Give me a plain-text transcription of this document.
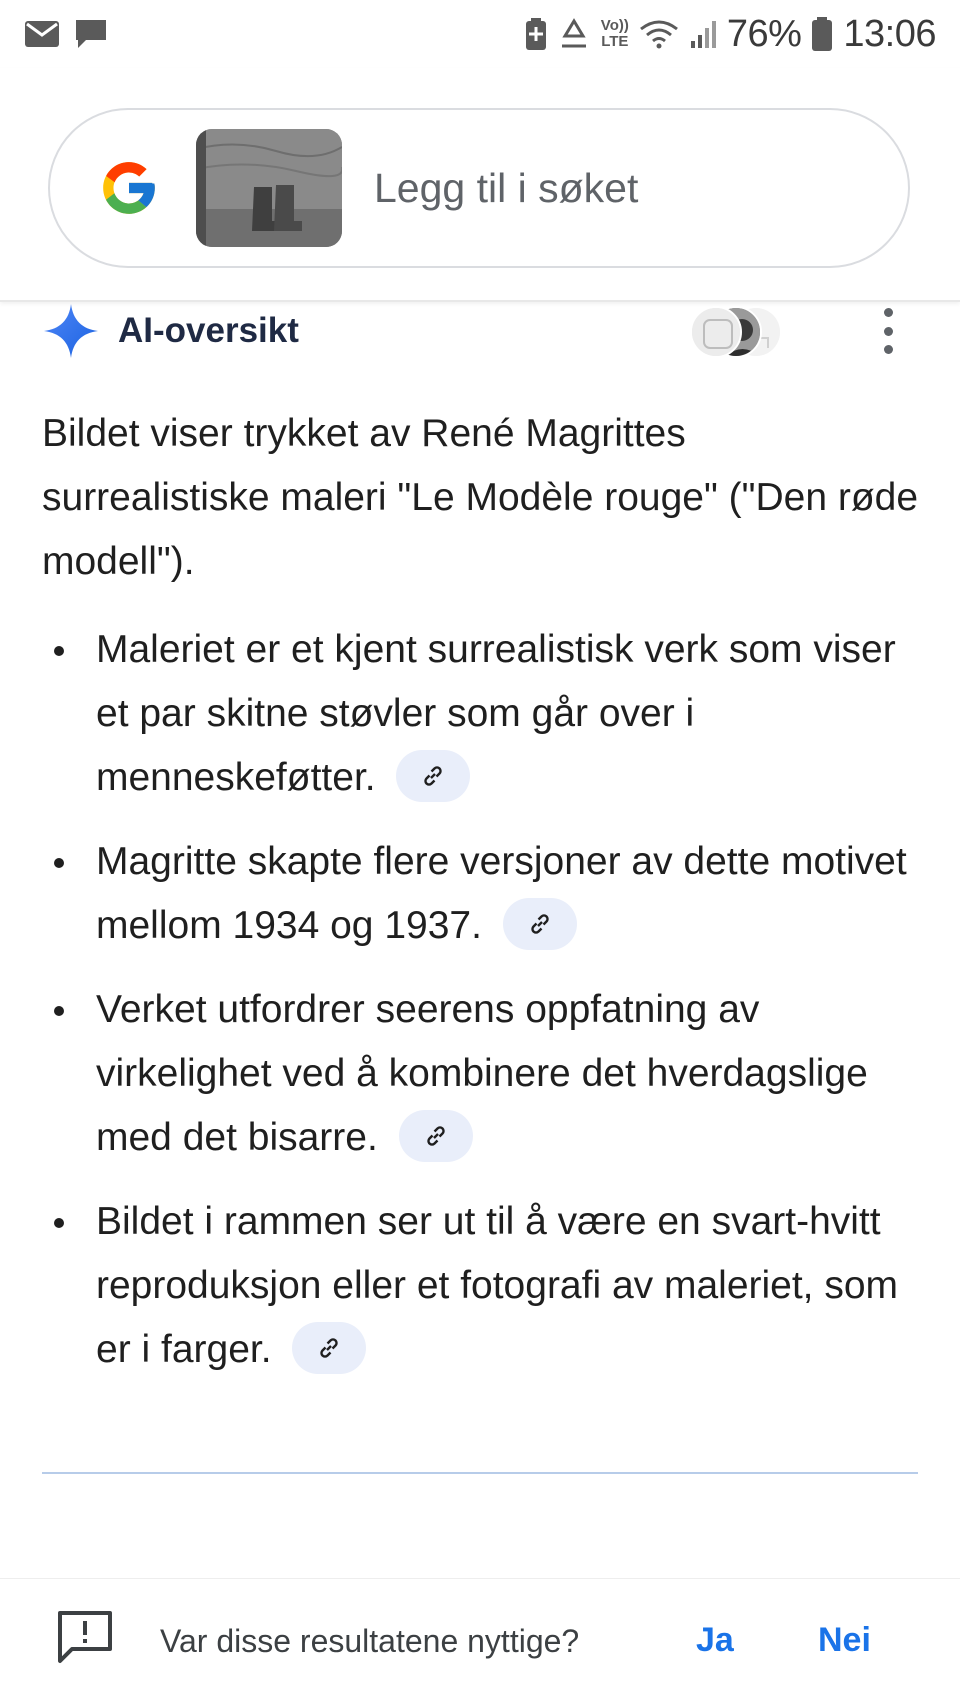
Vo))
LTE	76% 13:06
Legg til i søket
AI-oversikt

Bildet viser trykket av René Magrittes surrealistiske maleri "Le Modèle rouge" ("Den røde modell").

Maleriet er et kjent surrealistisk verk som viser et par skitne støvler som går over i menneskeføtter.
Magritte skapte flere versjoner av dette motivet mellom 1934 og 1937.
Verket utfordrer seerens oppfatning av virkelighet ved å kombinere det hverdagslige med det bisarre.
Bildet i rammen ser ut til å være en svart-hvitt reproduksjon eller et fotografi av maleriet, som er i farger.
Var disse resultatene nyttige?	Ja Nei
